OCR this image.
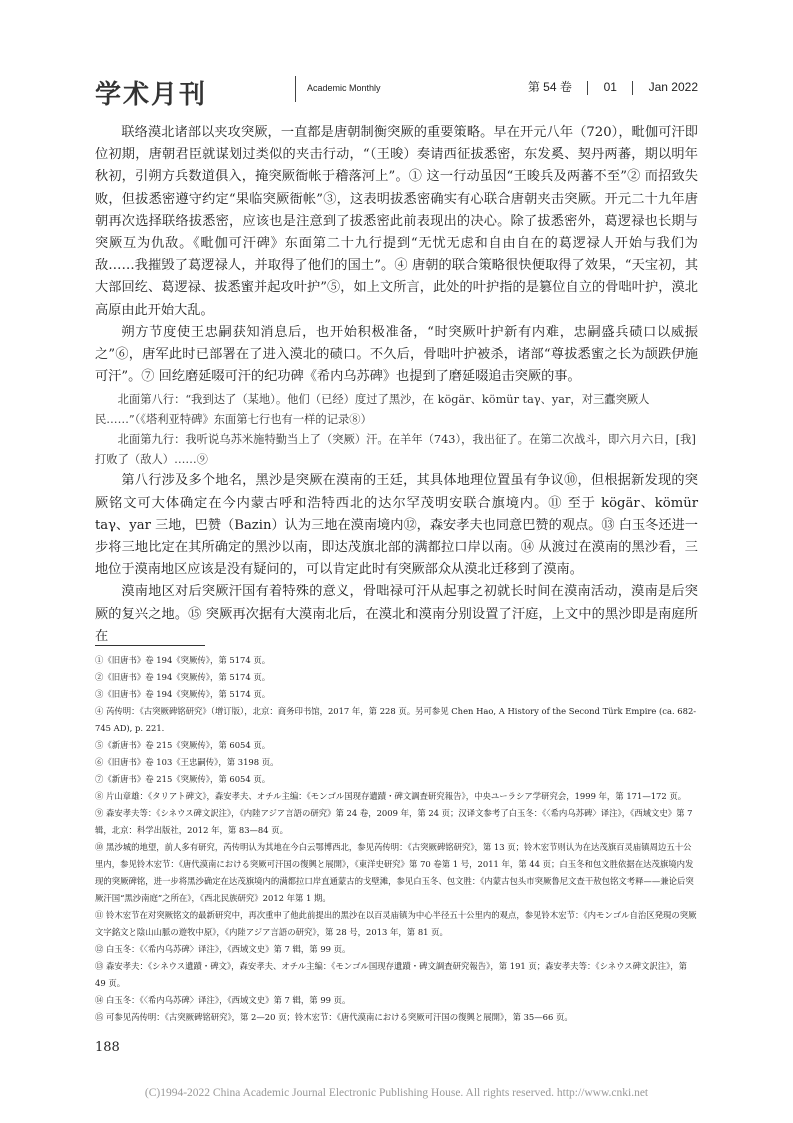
学术月刊	Academic Monthly	第 54 卷	01	Jan 2022

联络漠北诸部以夹攻突厥，一直都是唐朝制衡突厥的重要策略。早在开元八年（720），毗伽可汗即位初期，唐朝君臣就谋划过类似的夹击行动，“（王晙）奏请西征拔悉密，东发奚、契丹两蕃，期以明年秋初，引朔方兵数道俱入，掩突厥衙帐于稽落河上”。① 这一行动虽因“王晙兵及两蕃不至”② 而招致失败，但拔悉密遵守约定“果临突厥衙帐”③，这表明拔悉密确实有心联合唐朝夹击突厥。开元二十九年唐朝再次选择联络拔悉密，应该也是注意到了拔悉密此前表现出的决心。除了拔悉密外，葛逻禄也长期与突厥互为仇敌。《毗伽可汗碑》东面第二十九行提到“无忧无虑和自由自在的葛逻禄人开始与我们为敌……我摧毁了葛逻禄人，并取得了他们的国土”。④ 唐朝的联合策略很快便取得了效果，“天宝初，其大部回纥、葛逻禄、拔悉蜜并起攻叶护”⑤，如上文所言，此处的叶护指的是篡位自立的骨咄叶护，漠北高原由此开始大乱。

朔方节度使王忠嗣获知消息后，也开始积极准备，“时突厥叶护新有内难，忠嗣盛兵碛口以威振之”⑥，唐军此时已部署在了进入漠北的碛口。不久后，骨咄叶护被杀，诸部“尊拔悉蜜之长为颉跌伊施可汗”。⑦ 回纥磨延啜可汗的纪功碑《希内乌苏碑》也提到了磨延啜追击突厥的事。

北面第八行：“我到达了（某地）。他们（已经）度过了黑沙，在 kögär、kömür taγ、yar，对三蠹突厥人民……”（《塔利亚特碑》东面第七行也有一样的记录⑧）

北面第九行：我听说乌苏米施特勤当上了（突厥）汗。在羊年（743），我出征了。在第二次战斗，即六月六日，[我]打败了（敌人）……⑨

第八行涉及多个地名，黑沙是突厥在漠南的王廷，其具体地理位置虽有争议⑩，但根据新发现的突厥铭文可大体确定在今内蒙古呼和浩特西北的达尔罕茂明安联合旗境内。⑪ 至于 kögär、kömür taγ、yar 三地，巴赞（Bazin）认为三地在漠南境内⑫，森安孝夫也同意巴赞的观点。⑬ 白玉冬还进一步将三地比定在其所确定的黑沙以南，即达茂旗北部的满都拉口岸以南。⑭ 从渡过在漠南的黑沙看，三地位于漠南地区应该是没有疑问的，可以肯定此时有突厥部众从漠北迁移到了漠南。

漠南地区对后突厥汗国有着特殊的意义，骨咄禄可汗从起事之初就长时间在漠南活动，漠南是后突厥的复兴之地。⑮ 突厥再次据有大漠南北后，在漠北和漠南分别设置了汗庭，上文中的黑沙即是南庭所在

①《旧唐书》卷 194《突厥传》，第 5174 页。
②《旧唐书》卷 194《突厥传》，第 5174 页。
③《旧唐书》卷 194《突厥传》，第 5174 页。
④ 芮传明：《古突厥碑铭研究》（增订版），北京：商务印书馆，2017 年，第 228 页。另可参见 Chen Hao, A History of the Second Türk Empire (ca. 682-745 AD), p. 221.
⑤《新唐书》卷 215《突厥传》，第 6054 页。
⑥《旧唐书》卷 103《王忠嗣传》，第 3198 页。
⑦《新唐书》卷 215《突厥传》，第 6054 页。
⑧ 片山章雄：《タリアト碑文》，森安孝夫、オチル主编：《モンゴル国现存遺蹟・碑文調査研究報告》，中央ユーラシア学研究会，1999 年，第 171—172 页。
⑨ 森安孝夫等：《シネウス碑文訳注》，《内陸アジア言語の研究》第 24 卷，2009 年，第 24 页；汉译文参考了白玉冬：《〈希内乌苏碑〉译注》，《西域文史》第 7 辑，北京：科学出版社，2012 年，第 83—84 页。
⑩ 黑沙城的地望，前人多有研究，芮传明认为其地在今白云鄂博西北，参见芮传明：《古突厥碑铭研究》，第 13 页；铃木宏节则认为在达茂旗百灵庙镇周边五十公里内，参见铃木宏节：《唐代漠南における突厥可汗国の復興と展開》，《東洋史研究》第 70 卷第 1 号，2011 年，第 44 页；白玉冬和包文胜依据在达茂旗境内发现的突厥碑铭，进一步将黑沙确定在达茂旗境内的满都拉口岸直通蒙古的戈壁滩，参见白玉冬、包文胜：《内蒙古包头市突厥鲁尼文查干敖包铭文考释——兼论后突厥汗国“黑沙南庭”之所在》，《西北民族研究》2012 年第 1 期。
⑪ 铃木宏节在对突厥铭文的最新研究中，再次重申了他此前提出的黑沙在以百灵庙镇为中心半径五十公里内的观点，参见铃木宏节：《内モンゴル自治区発現の突厥文字銘文と陰山山脈の遊牧中原》，《内陸アジア言語の研究》，第 28 号，2013 年，第 81 页。
⑫ 白玉冬：《〈希内乌苏碑〉译注》，《西域文史》第 7 辑，第 99 页。
⑬ 森安孝夫：《シネウス遺蹟・碑文》，森安孝夫、オチル主编：《モンゴル国现存遺蹟・碑文調査研究報告》，第 191 页；森安孝夫等：《シネウス碑文訳注》，第 49 页。
⑭ 白玉冬：《〈希内乌苏碑〉译注》，《西域文史》第 7 辑，第 99 页。
⑮ 可参见芮传明：《古突厥碑铭研究》，第 2—20 页；铃木宏节：《唐代漠南における突厥可汗国の復興と展開》，第 35—66 页。
188
(C)1994-2022 China Academic Journal Electronic Publishing House. All rights reserved. http://www.cnki.net
